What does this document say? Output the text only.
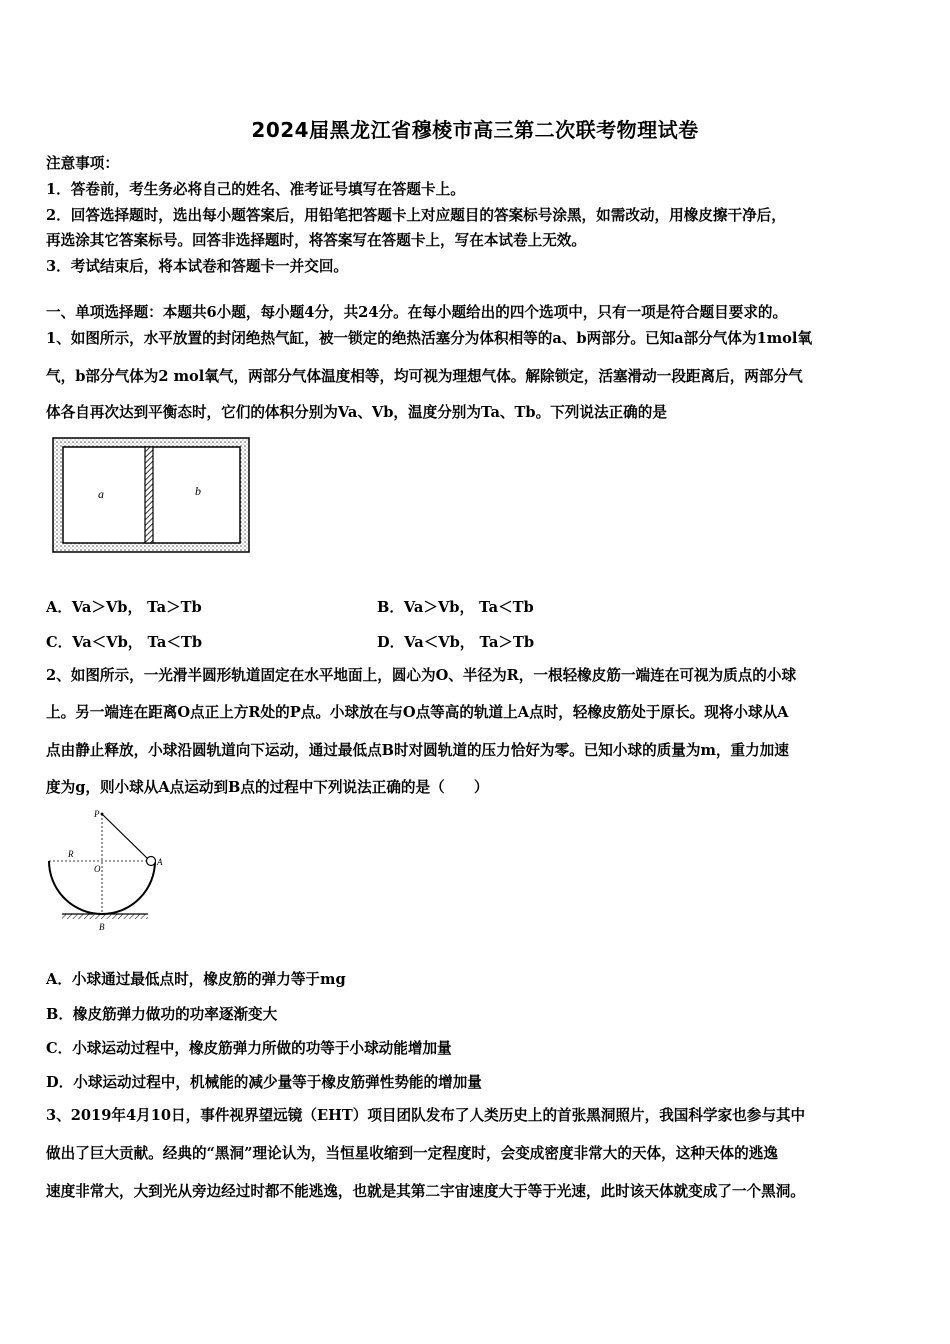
2024届黑龙江省穆棱市高三第二次联考物理试卷
注意事项：
1．答卷前，考生务必将自己的姓名、准考证号填写在答题卡上。
2．回答选择题时，选出每小题答案后，用铅笔把答题卡上对应题目的答案标号涂黑，如需改动，用橡皮擦干净后，
再选涂其它答案标号。回答非选择题时，将答案写在答题卡上，写在本试卷上无效。
3．考试结束后，将本试卷和答题卡一并交回。
一、单项选择题：本题共6小题，每小题4分，共24分。在每小题给出的四个选项中，只有一项是符合题目要求的。
1、如图所示，水平放置的封闭绝热气缸，被一锁定的绝热活塞分为体积相等的a、b两部分。已知a部分气体为1mol氧
气，b部分气体为2 mol氧气，两部分气体温度相等，均可视为理想气体。解除锁定，活塞滑动一段距离后，两部分气
体各自再次达到平衡态时，它们的体积分别为Va、Vb，温度分别为Ta、Tb。下列说法正确的是
a	b
A．Va＞Vb， Ta＞Tb	B．Va＞Vb， Ta＜Tb
C．Va＜Vb， Ta＜Tb	D．Va＜Vb， Ta＞Tb
2、如图所示，一光滑半圆形轨道固定在水平地面上，圆心为O、半径为R，一根轻橡皮筋一端连在可视为质点的小球
上。另一端连在距离O点正上方R处的P点。小球放在与O点等高的轨道上A点时，轻橡皮筋处于原长。现将小球从A
点由静止释放，小球沿圆轨道向下运动，通过最低点B时对圆轨道的压力恰好为零。已知小球的质量为m，重力加速
度为g，则小球从A点运动到B点的过程中下列说法正确的是（　　）
P
R
O
A
B
A．小球通过最低点时，橡皮筋的弹力等于mg
B．橡皮筋弹力做功的功率逐渐变大
C．小球运动过程中，橡皮筋弹力所做的功等于小球动能增加量
D．小球运动过程中，机械能的减少量等于橡皮筋弹性势能的增加量
3、2019年4月10日，事件视界望远镜（EHT）项目团队发布了人类历史上的首张黑洞照片，我国科学家也参与其中
做出了巨大贡献。经典的“黑洞”理论认为，当恒星收缩到一定程度时，会变成密度非常大的天体，这种天体的逃逸
速度非常大，大到光从旁边经过时都不能逃逸，也就是其第二宇宙速度大于等于光速，此时该天体就变成了一个黑洞。
